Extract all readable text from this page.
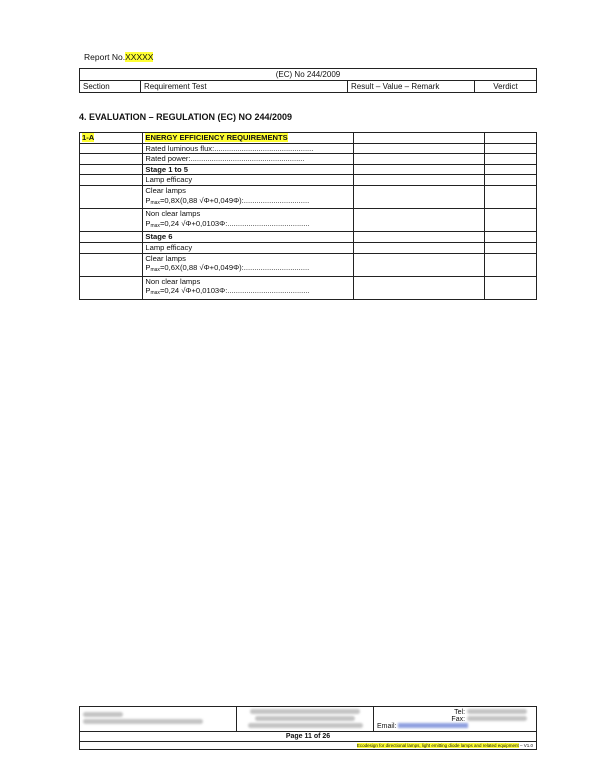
Report No.XXXXX
(EC) No 244/2009
Section	Requirement Test	Result – Value – Remark	Verdict
4. EVALUATION – REGULATION (EC) NO 244/2009
1-A	ENERGY EFFICIENCY REQUIREMENTS		
	Rated luminous flux:...............................................		
	Rated power:......................................................		
	Stage 1 to 5		
	Lamp efficacy		

	Clear lamps
$P_{max}=0,8X(0,88$ √Φ+0,049Φ):...............................		

	Non clear lamps
$P_{max}=0,24$ √Φ+0,0103Φ:.......................................		

	Stage 6		
	Lamp efficacy		

	Clear lamps
$P_{max}=0,6X(0,88$ √Φ+0,049Φ):...............................		

	Non clear lamps
$P_{max}=0,24$ √Φ+0,0103Φ:.......................................		

Tel:
Fax:
Email:

Page 11 of 26
Ecodesign for directional lamps, light emitting diode lamps and related equipment – V1.0
